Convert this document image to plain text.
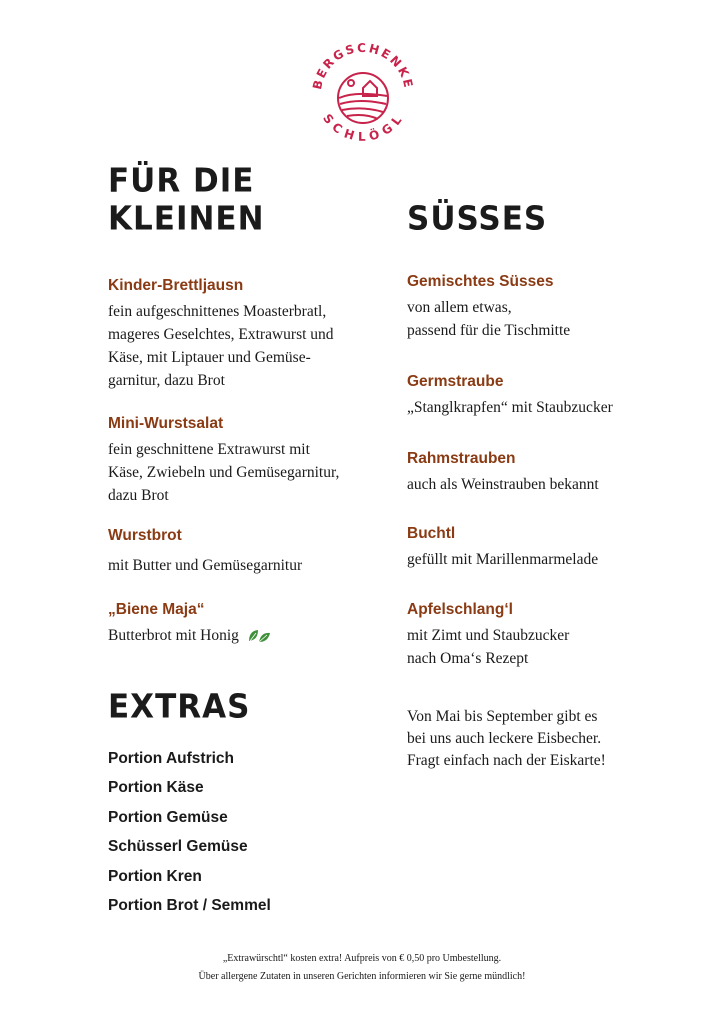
BERGSCHENKE
SCHLÖGL
FÜR DIE
KLEINEN

Kinder-Brettljausn

fein aufgeschnittenes Moasterbratl,
mageres Geselchtes, Extrawurst und
Käse, mit Liptauer und Gemüse-
garnitur, dazu Brot

Mini-Wurstsalat

fein geschnittene Extrawurst mit
Käse, Zwiebeln und Gemüsegarnitur,
dazu Brot

Wurstbrot

mit Butter und Gemüsegarnitur

„Biene Maja“

Butterbrot mit Honig

EXTRAS
Portion Aufstrich
Portion Käse
Portion Gemüse
Schüsserl Gemüse
Portion Kren
Portion Brot / Semmel
SÜSSES

Gemischtes Süsses

von allem etwas,
passend für die Tischmitte

Germstraube

„Stanglkrapfen“ mit Staubzucker

Rahmstrauben

auch als Weinstrauben bekannt

Buchtl

gefüllt mit Marillenmarmelade

Apfelschlang‘l

mit Zimt und Staubzucker
nach Oma‘s Rezept

Von Mai bis September gibt es
bei uns auch leckere Eisbecher.
Fragt einfach nach der Eiskarte!
„Extrawürschtl“ kosten extra! Aufpreis von € 0,50 pro Umbestellung.
Über allergene Zutaten in unseren Gerichten informieren wir Sie gerne mündlich!
